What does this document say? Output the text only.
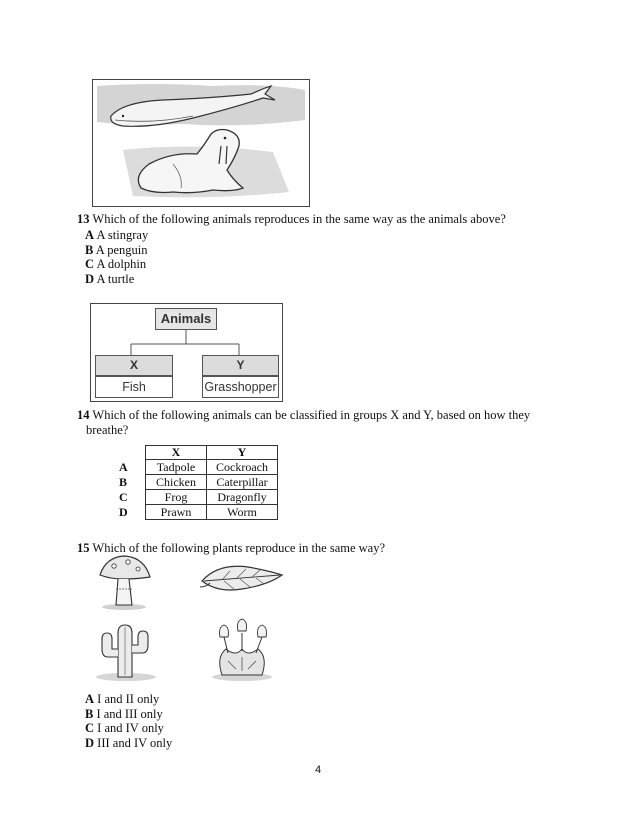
13 Which of the following animals reproduces in the same way as the animals above?
A A stingray
B A penguin
C A dolphin
D A turtle
Animals
X
Fish
Y
Grasshopper
14 Which of the following animals can be classified in groups X and Y, based on how they
breathe?
	X	Y
A	Tadpole	Cockroach
B	Chicken	Caterpillar
C	Frog	Dragonfly
D	Prawn	Worm
15 Which of the following plants reproduce in the same way?
A I and II only
B I and III only
C I and IV only
D III and IV only
4
